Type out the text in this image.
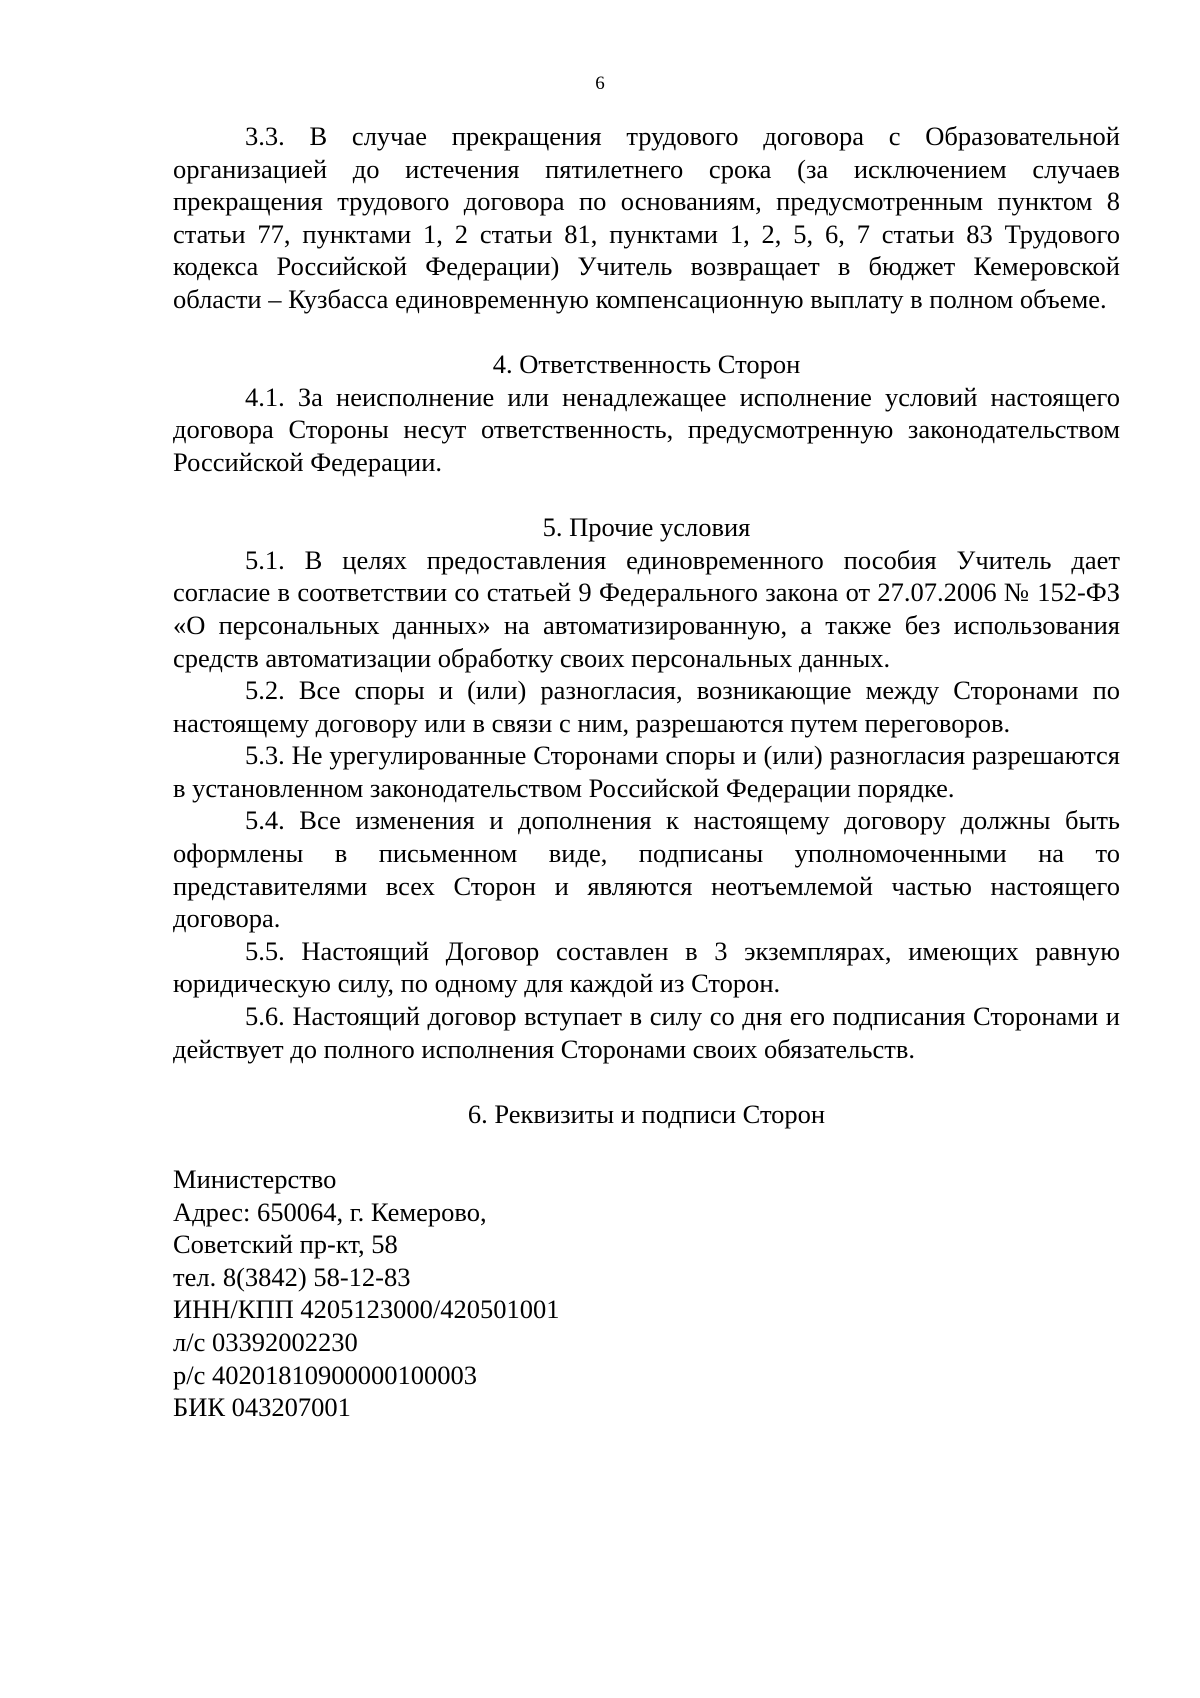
6

3.3. В случае прекращения трудового договора с Образовательной организацией до истечения пятилетнего срока (за исключением случаев прекращения трудового договора по основаниям, предусмотренным пунктом 8 статьи 77, пунктами 1, 2 статьи 81, пунктами 1, 2, 5, 6, 7 статьи 83 Трудового кодекса Российской Федерации) Учитель возвращает в бюджет Кемеровской области – Кузбасса единовременную компенсационную выплату в полном объеме.

4. Ответственность Сторон

4.1. За неисполнение или ненадлежащее исполнение условий настоящего договора Стороны несут ответственность, предусмотренную законодательством Российской Федерации.

5. Прочие условия

5.1. В целях предоставления единовременного пособия Учитель дает согласие в соответствии со статьей 9 Федерального закона от 27.07.2006 № 152-ФЗ «О персональных данных» на автоматизированную, а также без использования средств автоматизации обработку своих персональных данных.

5.2. Все споры и (или) разногласия, возникающие между Сторонами по настоящему договору или в связи с ним, разрешаются путем переговоров.

5.3. Не урегулированные Сторонами споры и (или) разногласия разрешаются в установленном законодательством Российской Федерации порядке.

5.4. Все изменения и дополнения к настоящему договору должны быть оформлены в письменном виде, подписаны уполномоченными на то представителями всех Сторон и являются неотъемлемой частью настоящего договора.

5.5. Настоящий Договор составлен в 3 экземплярах, имеющих равную юридическую силу, по одному для каждой из Сторон.

5.6. Настоящий договор вступает в силу со дня его подписания Сторонами и действует до полного исполнения Сторонами своих обязательств.

6. Реквизиты и подписи Сторон

Министерство

Адрес: 650064, г. Кемерово,

Советский пр-кт, 58

тел. 8(3842) 58-12-83

ИНН/КПП 4205123000/420501001

л/с 03392002230

р/с 40201810900000100003

БИК 043207001
